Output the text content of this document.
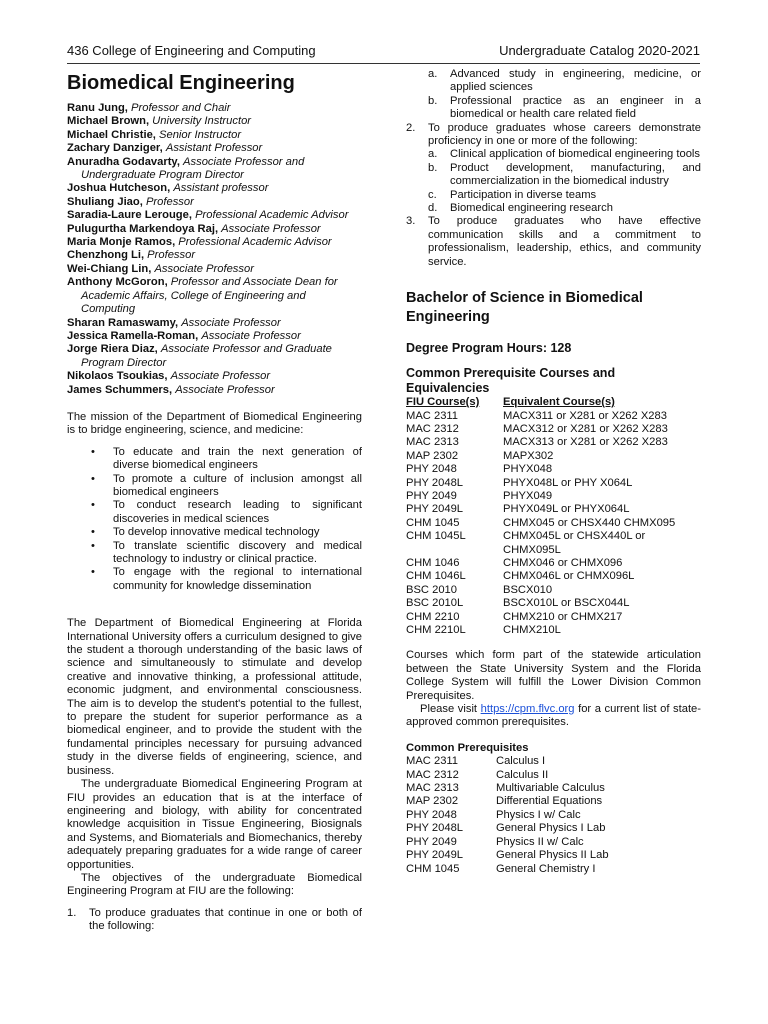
436 College of Engineering and Computing	Undergraduate Catalog 2020-2021
Biomedical Engineering
Ranu Jung, Professor and Chair
Michael Brown, University Instructor
Michael Christie, Senior Instructor
Zachary Danziger, Assistant Professor
Anuradha Godavarty, Associate Professor and Undergraduate Program Director
Joshua Hutcheson, Assistant professor
Shuliang Jiao, Professor
Saradia-Laure Lerouge, Professional Academic Advisor
Pulugurtha Markendoya Raj, Associate Professor
Maria Monje Ramos, Professional Academic Advisor
Chenzhong Li, Professor
Wei-Chiang Lin, Associate Professor
Anthony McGoron, Professor and Associate Dean for Academic Affairs, College of Engineering and Computing
Sharan Ramaswamy, Associate Professor
Jessica Ramella-Roman, Associate Professor
Jorge Riera Diaz, Associate Professor and Graduate Program Director
Nikolaos Tsoukias, Associate Professor
James Schummers, Associate Professor

The mission of the Department of Biomedical Engineering is to bridge engineering, science, and medicine:

• To educate and train the next generation of diverse biomedical engineers
• To promote a culture of inclusion amongst all biomedical engineers
• To conduct research leading to significant discoveries in medical sciences
• To develop innovative medical technology
• To translate scientific discovery and medical technology to industry or clinical practice.
• To engage with the regional to international community for knowledge dissemination

The Department of Biomedical Engineering at Florida International University offers a curriculum designed to give the student a thorough understanding of the basic laws of science and simultaneously to stimulate and develop creative and innovative thinking, a professional attitude, economic judgment, and environmental consciousness. The aim is to develop the student's potential to the fullest, to prepare the student for superior performance as a biomedical engineer, and to provide the student with the fundamental principles necessary for pursuing advanced study in the diverse fields of engineering, science, and business.

The undergraduate Biomedical Engineering Program at FIU provides an education that is at the interface of engineering and biology, with ability for concentrated knowledge acquisition in Tissue Engineering, Biosignals and Systems, and Biomaterials and Biomechanics, thereby adequately preparing graduates for a wide range of career opportunities.

The objectives of the undergraduate Biomedical Engineering Program at FIU are the following:

1. To produce graduates that continue in one or both of the following:
a. Advanced study in engineering, medicine, or applied sciences
b. Professional practice as an engineer in a biomedical or health care related field
2. To produce graduates whose careers demonstrate proficiency in one or more of the following:
a. Clinical application of biomedical engineering tools
b. Product development, manufacturing, and commercialization in the biomedical industry
c. Participation in diverse teams
d. Biomedical engineering research
3. To produce graduates who have effective communication skills and a commitment to professionalism, leadership, ethics, and community service.
Bachelor of Science in Biomedical Engineering
Degree Program Hours: 128
Common Prerequisite Courses and Equivalencies
FIU Course(s)	Equivalent Course(s)
MAC 2311	MACX311 or X281 or X262 X283
MAC 2312	MACX312 or X281 or X262 X283
MAC 2313	MACX313 or X281 or X262 X283
MAP 2302	MAPX302
PHY 2048	PHYX048
PHY 2048L	PHYX048L or PHY X064L
PHY 2049	PHYX049
PHY 2049L	PHYX049L or PHYX064L
CHM 1045	CHMX045 or CHSX440 CHMX095
CHM 1045L	CHMX045L or CHSX440L or CHMX095L
CHM 1046	CHMX046 or CHMX096
CHM 1046L	CHMX046L or CHMX096L
BSC 2010	BSCX010
BSC 2010L	BSCX010L or BSCX044L
CHM 2210	CHMX210 or CHMX217
CHM 2210L	CHMX210L

Courses which form part of the statewide articulation between the State University System and the Florida College System will fulfill the Lower Division Common Prerequisites.

Please visit https://cpm.flvc.org for a current list of state-approved common prerequisites.

Common Prerequisites
MAC 2311	Calculus I
MAC 2312	Calculus II
MAC 2313	Multivariable Calculus
MAP 2302	Differential Equations
PHY 2048	Physics I w/ Calc
PHY 2048L	General Physics I Lab
PHY 2049	Physics II w/ Calc
PHY 2049L	General Physics II Lab
CHM 1045	General Chemistry I
